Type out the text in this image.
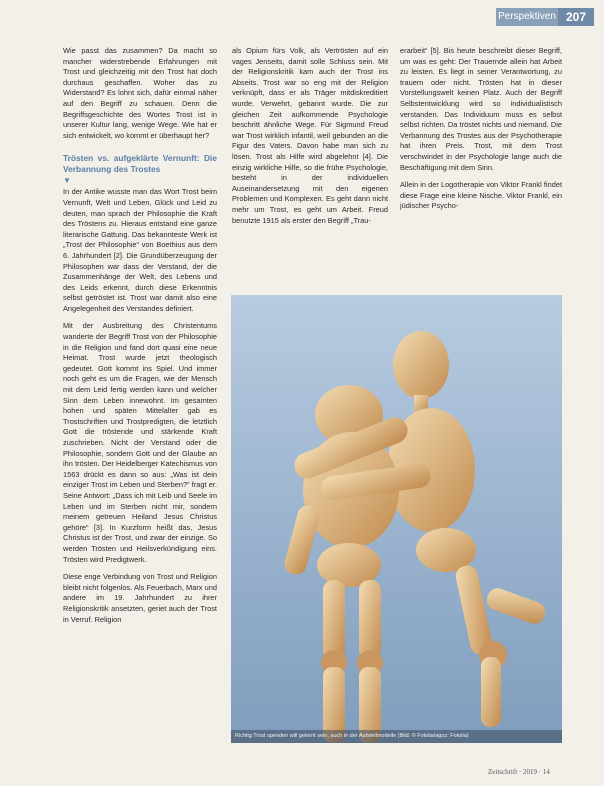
Perspektiven 207

Wie passt das zusammen? Da macht so mancher widerstrebende Erfahrungen mit Trost und gleichzeitig mit den Trost hat doch durchaus geschaffen. Woher das zu Widerstand? Es lohnt sich, dafür einmal näher auf den Begriff zu schauen. Denn die Begriffsgeschichte des Wortes Trost ist in unserer Kultur lang, wenige Wege. Wie hat er sich entwickelt, wo kommt er überhaupt her?

Trösten vs. aufgeklärte Vernunft: Die Verbannung des Trostes
▼

In der Antike wusste man das Wort Trost beim Vernunft, Welt und Leben, Glück und Leid zu deuten, man sprach der Philosophie die Kraft des Tröstens zu. Hieraus entstand eine ganze literarische Gattung. Das bekannteste Werk ist „Trost der Philosophie“ von Boethius aus dem 6. Jahrhundert [2]. Die Grundüberzeugung der Philosophen war dass der Verstand, der die Zusammenhänge der Welt, des Lebens und des Leids erkennt, durch diese Erkenntnis selbst getröstet ist. Trost war damit also eine Angelegenheit des Verstandes definiert.

Mit der Ausbreitung des Christentums wanderte der Begriff Trost von der Philosophie in die Religion und fand dort quasi eine neue Heimat. Trost wurde jetzt theologisch gedeutet. Gott kommt ins Spiel. Und immer noch geht es um die Fragen, wie der Mensch mit dem Leid fertig werden kann und welcher Sinn dem Leben innewohnt. Im gesamten hohen und späten Mittelalter gab es Trostschriften und Trostpredigten, die letztlich Gott die tröstende und stärkende Kraft zuschrieben. Nicht der Verstand oder die Philosophie, sondern Gott und der Glaube an ihn trösten. Der Heidelberger Katechismus von 1563 drückt es dann so aus: „Was ist dein einziger Trost im Leben und Sterben?“ fragt er. Seine Antwort: „Dass ich mit Leib und Seele im Leben und im Sterben nicht mir, sondern meinem getreuen Heiland Jesus Christus gehöre“ [3]. In Kurzform heißt das, Jesus Christus ist der Trost, und zwar der einzige. So werden Trösten und Heilsverkündigung eins. Trösten wird Predigtwerk.

Diese enge Verbindung von Trost und Religion bleibt nicht folgenlos. Als Feuerbach, Marx und andere im 19. Jahrhundert zu ihrer Religionskritik ansetzten, geriet auch der Trost in Verruf. Religion

als Opium fürs Volk, als Vertrösten auf ein vages Jenseits, damit solle Schluss sein. Mit der Religionskritik kam auch der Trost ins Abseits. Trost war so eng mit der Religion verknüpft, dass er als Träger mitdiskreditiert wurde. Verwehrt, gebannt wurde. Die zur gleichen Zeit aufkommende Psychologie beschritt ähnliche Wege. Für Sigmund Freud war Trost wirklich infantil, weil gebunden an die Figur des Vaters. Davon habe man sich zu lösen. Trost als Hilfe wird abgelehnt [4]. Die einzig wirkliche Hilfe, so die frühe Psychologie, besteht in der individuellen Auseinandersetzung mit den eigenen Problemen und Komplexen. Es geht dann nicht mehr um Trost, es geht um Arbeit. Freud benutzte 1915 als erster den Begriff „Trau-

erarbeit“ [5]. Bis heute beschreibt dieser Begriff, um was es geht: Der Trauernde allein hat Arbeit zu leisten. Es liegt in seiner Verantwortung, zu trauern oder nicht. Trösten hat in dieser Vorstellungswelt keinen Platz. Auch der Begriff Selbstentwicklung wird so individualistisch verstanden. Das Individuum muss es selbst selbst richten. Da tröstet nichts und niemand. Die Verbannung des Trostes aus der Psychotherapie hat ihren Preis. Trost, mit dem Trost verschwindet in der Psychologie lange auch die Beschäftigung mit dem Sinn.

Allein in der Logotherapie von Viktor Frankl findet diese Frage eine kleine Nische. Viktor Frankl, ein jüdischer Psycho-

Richtig Trost spenden will gelernt sein, auch in der Aufstellmodelle (Bild: © Fotolia/aguz; Fotolia)
Zeitschrift · 2019 · 14
